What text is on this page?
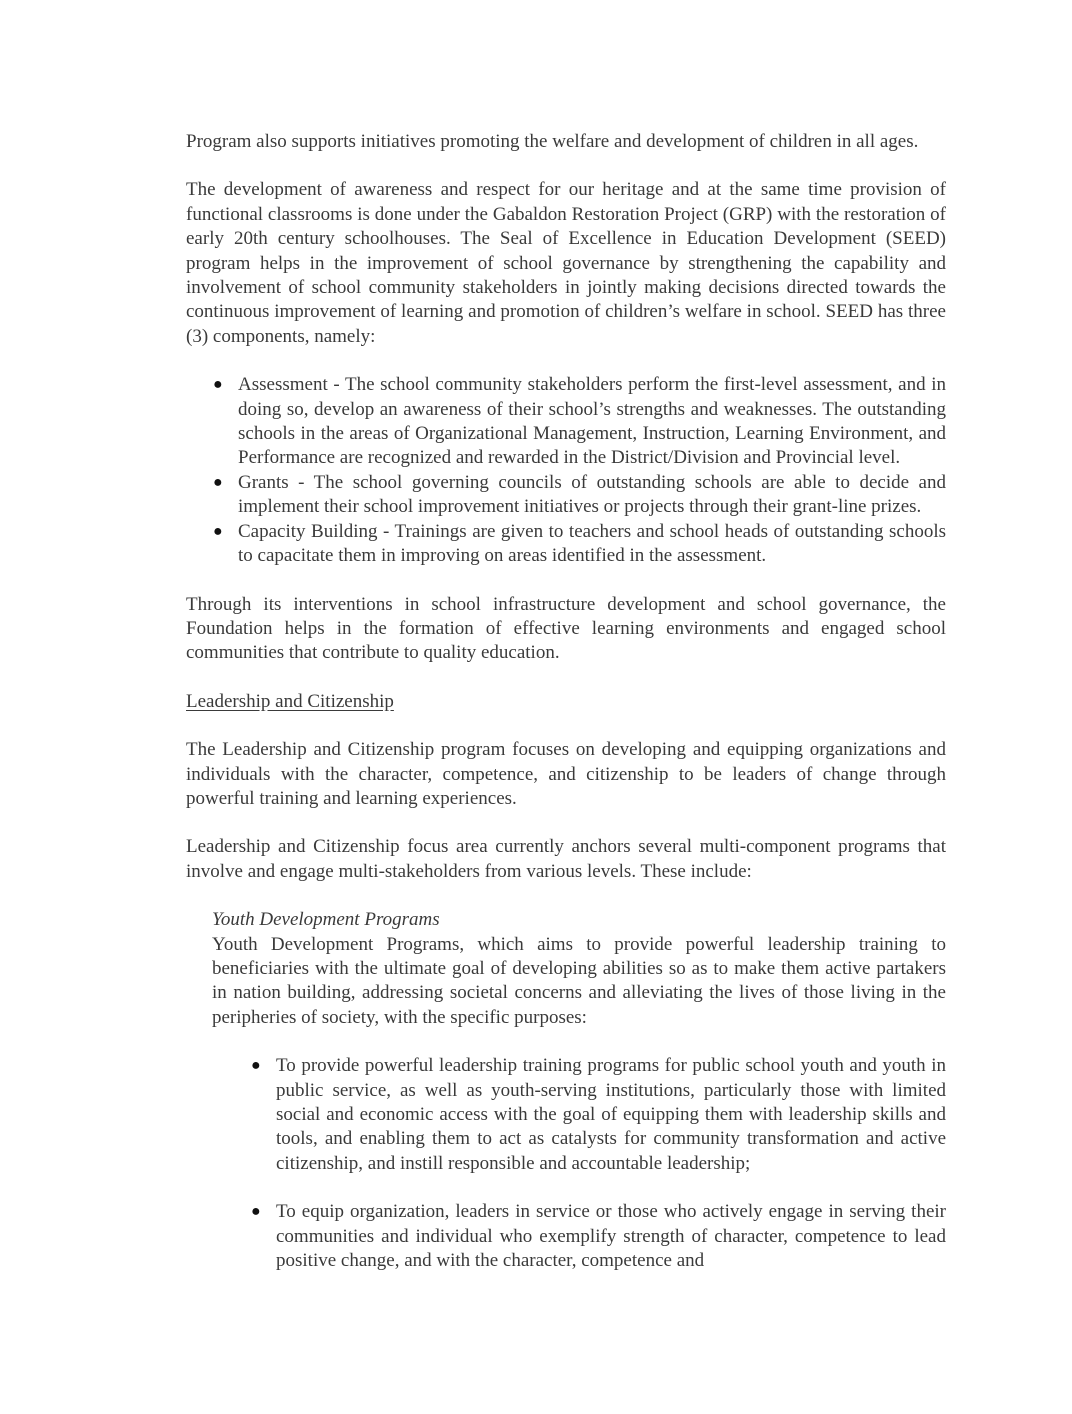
Program also supports initiatives promoting the welfare and development of children in all ages.

The development of awareness and respect for our heritage and at the same time provision of functional classrooms is done under the Gabaldon Restoration Project (GRP) with the restoration of early 20th century schoolhouses. The Seal of Excellence in Education Development (SEED) program helps in the improvement of school governance by strengthening the capability and involvement of school community stakeholders in jointly making decisions directed towards the continuous improvement of learning and promotion of children’s welfare in school. SEED has three (3) components, namely:

● Assessment - The school community stakeholders perform the first-level assessment, and in doing so, develop an awareness of their school’s strengths and weaknesses. The outstanding schools in the areas of Organizational Management, Instruction, Learning Environment, and Performance are recognized and rewarded in the District/Division and Provincial level.
● Grants - The school governing councils of outstanding schools are able to decide and implement their school improvement initiatives or projects through their grant-line prizes.
● Capacity Building - Trainings are given to teachers and school heads of outstanding schools to capacitate them in improving on areas identified in the assessment.

Through its interventions in school infrastructure development and school governance, the Foundation helps in the formation of effective learning environments and engaged school communities that contribute to quality education.

Leadership and Citizenship

The Leadership and Citizenship program focuses on developing and equipping organizations and individuals with the character, competence, and citizenship to be leaders of change through powerful training and learning experiences.

Leadership and Citizenship focus area currently anchors several multi-component programs that involve and engage multi-stakeholders from various levels. These include:

Youth Development Programs

Youth Development Programs, which aims to provide powerful leadership training to beneficiaries with the ultimate goal of developing abilities so as to make them active partakers in nation building, addressing societal concerns and alleviating the lives of those living in the peripheries of society, with the specific purposes:

● To provide powerful leadership training programs for public school youth and youth in public service, as well as youth-serving institutions, particularly those with limited social and economic access with the goal of equipping them with leadership skills and tools, and enabling them to act as catalysts for community transformation and active citizenship, and instill responsible and accountable leadership;
● To equip organization, leaders in service or those who actively engage in serving their communities and individual who exemplify strength of character, competence to lead positive change, and with the character, competence and
